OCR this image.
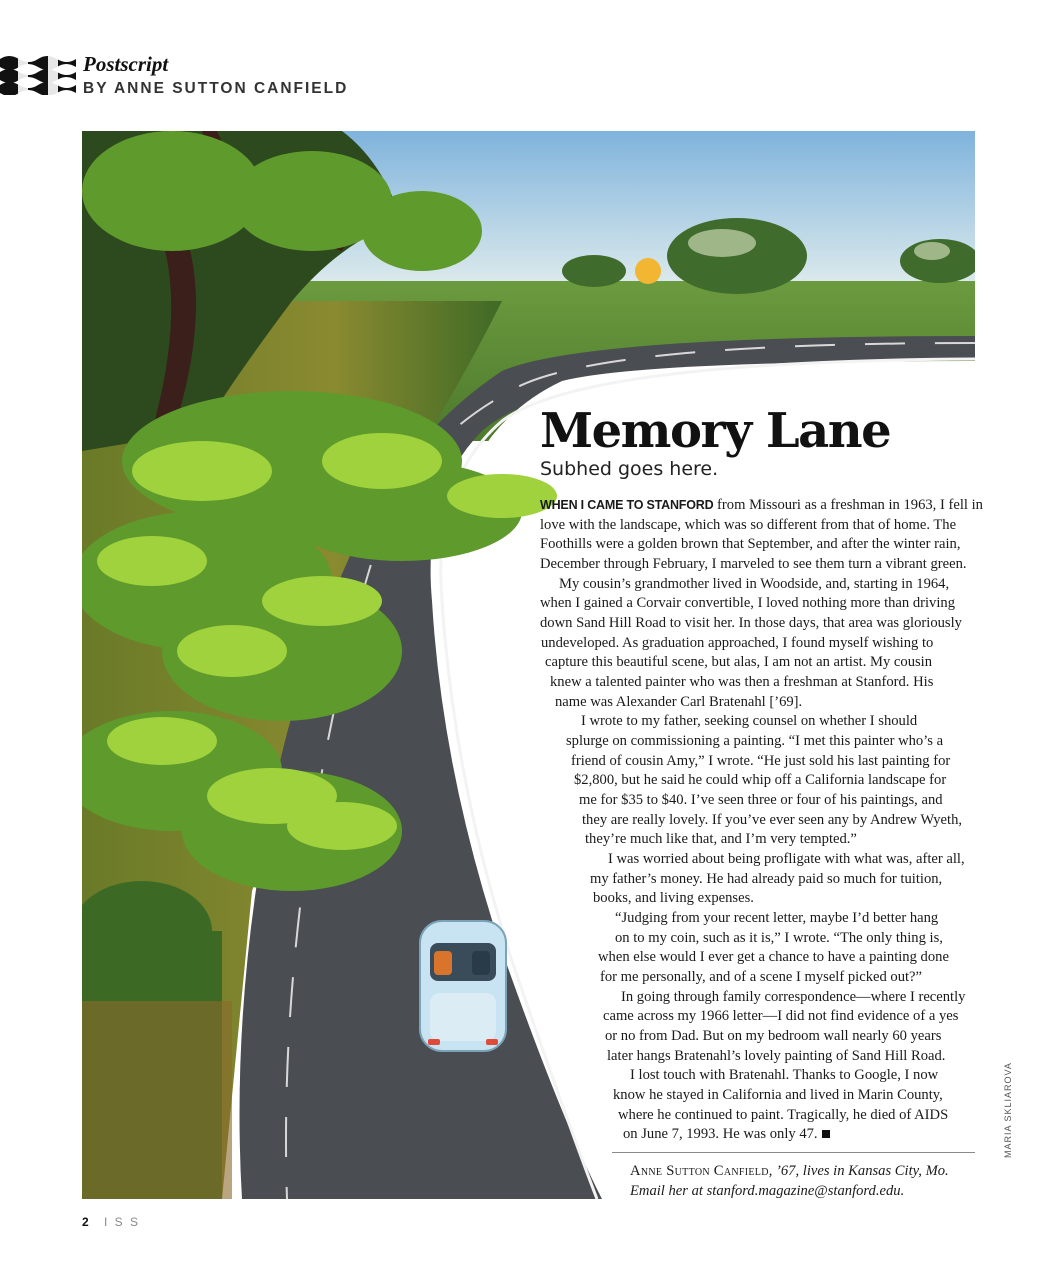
Postscript
BY ANNE SUTTON CANFIELD
Memory Lane
Subhed goes here.
WHEN I CAME TO STANFORD from Missouri as a freshman in 1963, I fell in
love with the landscape, which was so different from that of home. The
Foothills were a golden brown that September, and after the winter rain,
December through February, I marveled to see them turn a vibrant green.
My cousin’s grandmother lived in Woodside, and, starting in 1964,
when I gained a Corvair convertible, I loved nothing more than driving
down Sand Hill Road to visit her. In those days, that area was gloriously
undeveloped. As graduation approached, I found myself wishing to
capture this beautiful scene, but alas, I am not an artist. My cousin
knew a talented painter who was then a freshman at Stanford. His
name was Alexander Carl Bratenahl [’69].
I wrote to my father, seeking counsel on whether I should
splurge on commissioning a painting. “I met this painter who’s a
friend of cousin Amy,” I wrote. “He just sold his last painting for
$2,800, but he said he could whip off a California landscape for
me for $35 to $40. I’ve seen three or four of his paintings, and
they are really lovely. If you’ve ever seen any by Andrew Wyeth,
they’re much like that, and I’m very tempted.”
I was worried about being profligate with what was, after all,
my father’s money. He had already paid so much for tuition,
books, and living expenses.
“Judging from your recent letter, maybe I’d better hang
on to my coin, such as it is,” I wrote. “The only thing is,
when else would I ever get a chance to have a painting done
for me personally, and of a scene I myself picked out?”
In going through family correspondence—where I recently
came across my 1966 letter—I did not find evidence of a yes
or no from Dad. But on my bedroom wall nearly 60 years
later hangs Bratenahl’s lovely painting of Sand Hill Road.
I lost touch with Bratenahl. Thanks to Google, I now
know he stayed in California and lived in Marin County,
where he continued to paint. Tragically, he died of AIDS
on June 7, 1993. He was only 47.
Anne Sutton Canfield, ’67, lives in Kansas City, Mo.
Email her at stanford.magazine@stanford.edu.
MARIA SKLIAROVA
2 I S S
